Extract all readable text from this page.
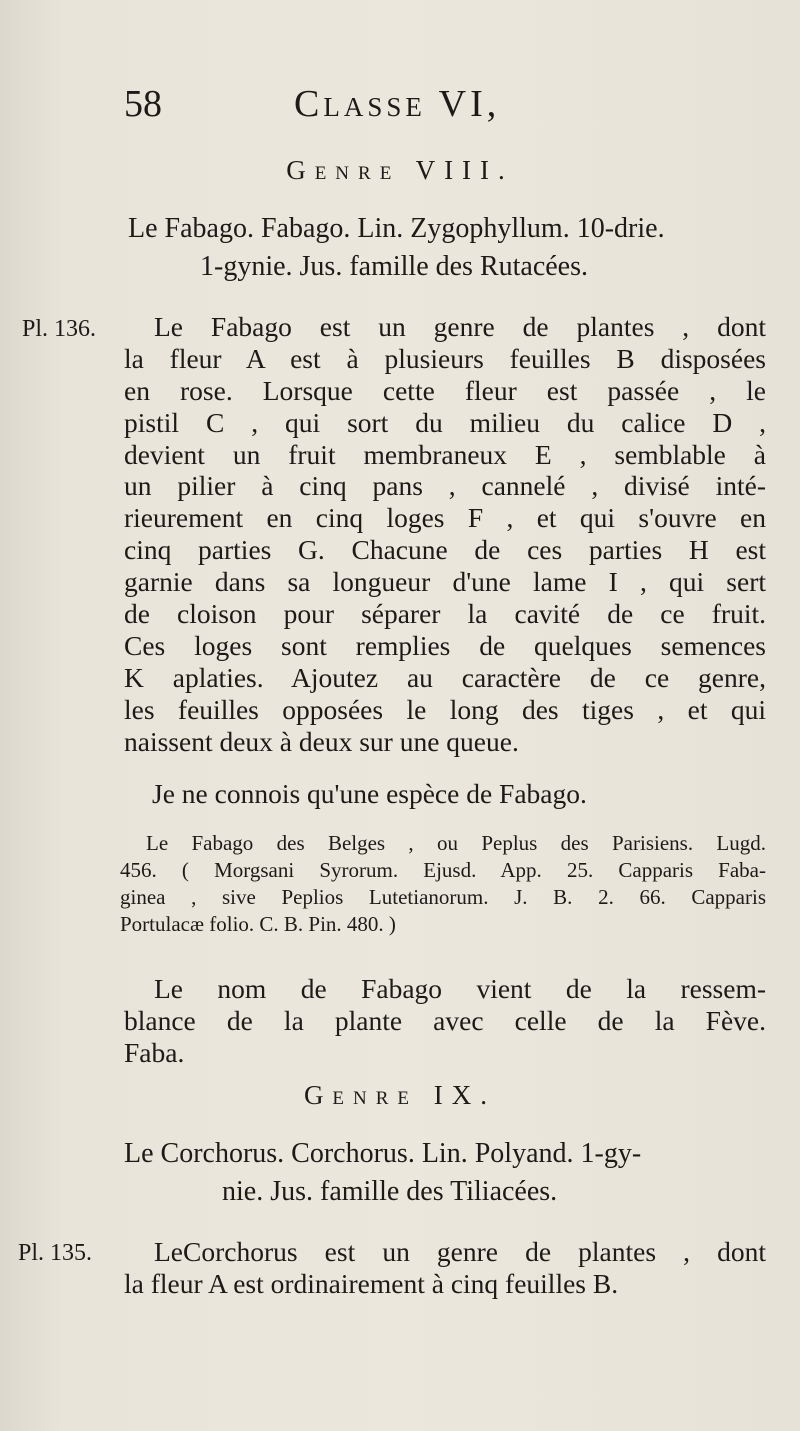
58	Classe VI,
Genre VIII.
Le Fabago. Fabago. Lin. Zygophyllum. 10-drie.
1-gynie. Jus. famille des Rutacées.
Pl. 136.	Le Fabago est un genre de plantes , dont
la fleur A est à plusieurs feuilles B disposées
en rose. Lorsque cette fleur est passée , le
pistil C , qui sort du milieu du calice D ,
devient un fruit membraneux E , semblable à
un pilier à cinq pans , cannelé , divisé inté-
rieurement en cinq loges F , et qui s'ouvre en
cinq parties G. Chacune de ces parties H est
garnie dans sa longueur d'une lame I , qui sert
de cloison pour séparer la cavité de ce fruit.
Ces loges sont remplies de quelques semences
K aplaties. Ajoutez au caractère de ce genre,
les feuilles opposées le long des tiges , et qui
naissent deux à deux sur une queue.
Je ne connois qu'une espèce de Fabago.
Le Fabago des Belges , ou Peplus des Parisiens. Lugd.
456. ( Morgsani Syrorum. Ejusd. App. 25. Capparis Faba-
ginea , sive Peplios Lutetianorum. J. B. 2. 66. Capparis
Portulacæ folio. C. B. Pin. 480. )
Le nom de Fabago vient de la ressem-
blance de la plante avec celle de la Fève.
Faba.
Genre IX.
Le Corchorus. Corchorus. Lin. Polyand. 1-gy-
nie. Jus. famille des Tiliacées.
Pl. 135.	LeCorchorus est un genre de plantes , dont
la fleur A est ordinairement à cinq feuilles B.
